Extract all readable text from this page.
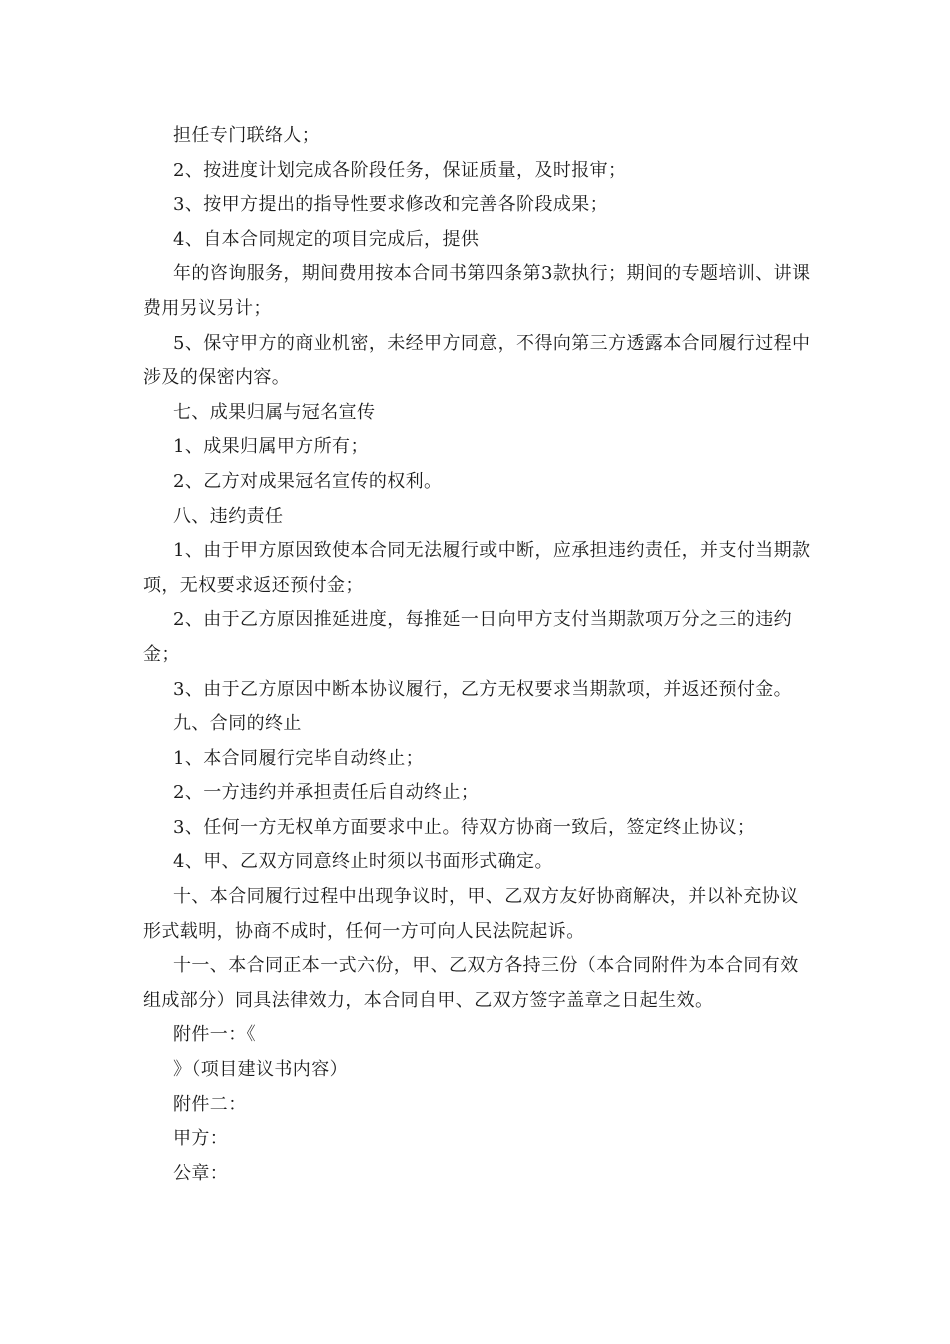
担任专门联络人；

2、按进度计划完成各阶段任务，保证质量，及时报审；

3、按甲方提出的指导性要求修改和完善各阶段成果；

4、自本合同规定的项目完成后，提供

年的咨询服务，期间费用按本合同书第四条第3款执行；期间的专题培训、讲课费用另议另计；

5、保守甲方的商业机密，未经甲方同意，不得向第三方透露本合同履行过程中涉及的保密内容。

七、成果归属与冠名宣传

1、成果归属甲方所有；

2、乙方对成果冠名宣传的权利。

八、违约责任

1、由于甲方原因致使本合同无法履行或中断，应承担违约责任，并支付当期款项，无权要求返还预付金；

2、由于乙方原因推延进度，每推延一日向甲方支付当期款项万分之三的违约金；

3、由于乙方原因中断本协议履行，乙方无权要求当期款项，并返还预付金。

九、合同的终止

1、本合同履行完毕自动终止；

2、一方违约并承担责任后自动终止；

3、任何一方无权单方面要求中止。待双方协商一致后，签定终止协议；

4、甲、乙双方同意终止时须以书面形式确定。

十、本合同履行过程中出现争议时，甲、乙双方友好协商解决，并以补充协议形式载明，协商不成时，任何一方可向人民法院起诉。

十一、本合同正本一式六份，甲、乙双方各持三份（本合同附件为本合同有效组成部分）同具法律效力，本合同自甲、乙双方签字盖章之日起生效。

附件一：《

》（项目建议书内容）

附件二：

甲方：

公章：
